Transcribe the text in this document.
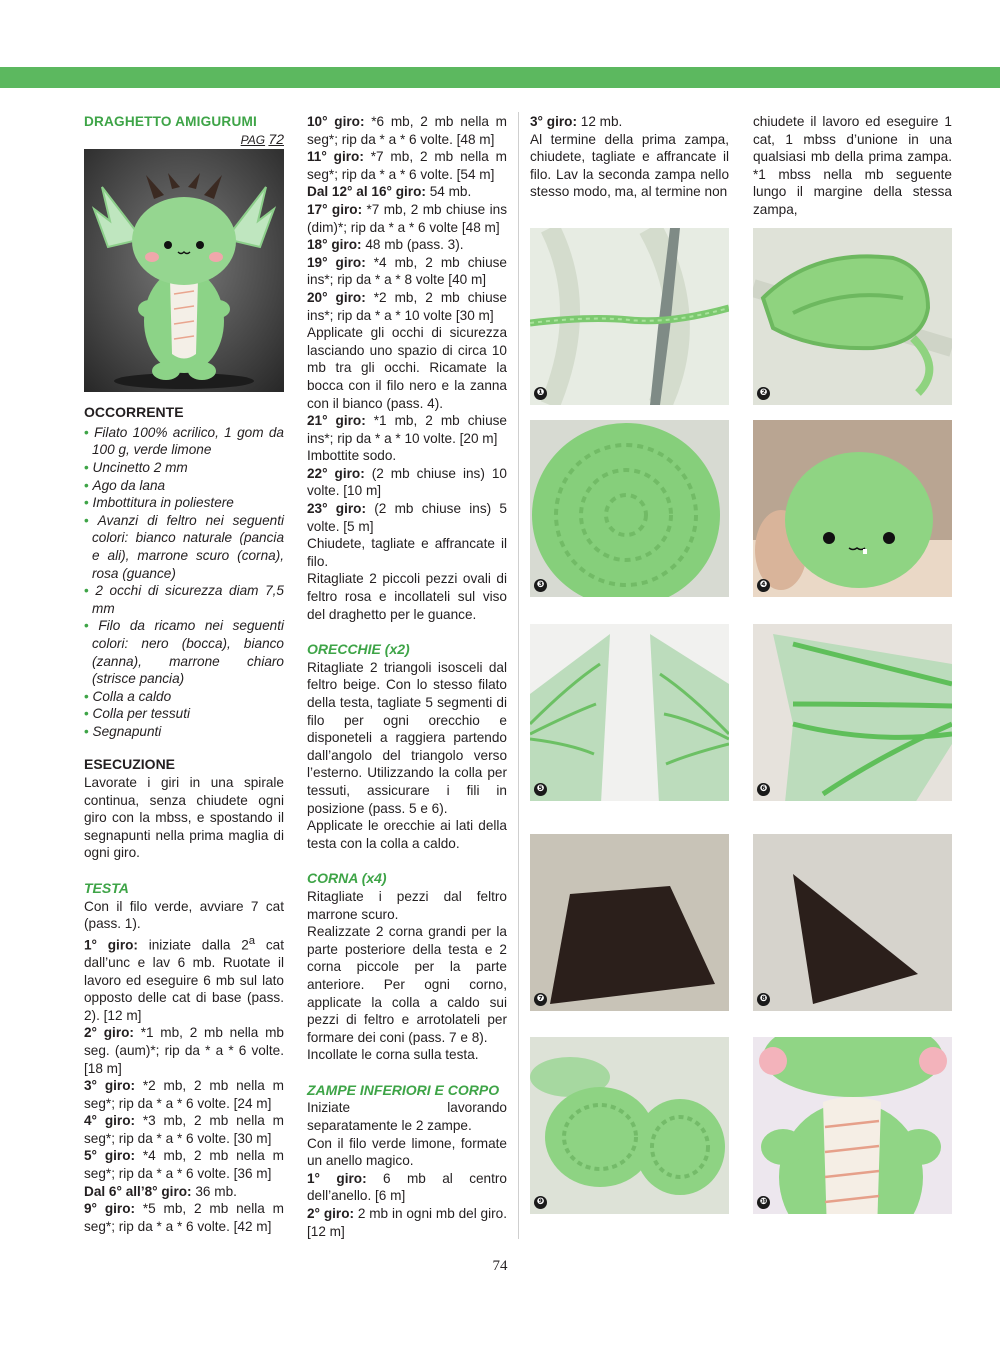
DRAGHETTO AMIGURUMI

PAG 72

OCCORRENTE
• Filato 100% acrilico, 1 gom da 100 g, verde limone
• Uncinetto 2 mm
• Ago da lana
• Imbottitura in poliestere
• Avanzi di feltro nei seguenti colori: bianco naturale (pancia e ali), marrone scuro (corna), rosa (guance)
• 2 occhi di sicurezza diam 7,5 mm
• Filo da ricamo nei seguenti colori: nero (bocca), bianco (zanna), marrone chiaro (strisce pancia)
• Colla a caldo
• Colla per tessuti
• Segnapunti
ESECUZIONE

Lavorate i giri in una spirale continua, senza chiudete ogni giro con la mbss, e spostando il segnapunti nella prima maglia di ogni giro.

TESTA

Con il filo verde, avviare 7 cat (pass. 1).

1° giro: iniziate dalla 2$^a$ cat dall’unc e lav 6 mb. Ruotate il lavoro ed eseguire 6 mb sul lato opposto delle cat di base (pass. 2). [12 m]

2° giro: *1 mb, 2 mb nella mb seg. (aum)*; rip da * a * 6 volte. [18 m]

3° giro: *2 mb, 2 mb nella m seg*; rip da * a * 6 volte. [24 m]

4° giro: *3 mb, 2 mb nella m seg*; rip da * a * 6 volte. [30 m]

5° giro: *4 mb, 2 mb nella m seg*; rip da * a * 6 volte. [36 m]

Dal 6° all’8° giro: 36 mb.

9° giro: *5 mb, 2 mb nella m seg*; rip da * a * 6 volte. [42 m]

10° giro: *6 mb, 2 mb nella m seg*; rip da * a * 6 volte. [48 m]

11° giro: *7 mb, 2 mb nella m seg*; rip da * a * 6 volte. [54 m]

Dal 12° al 16° giro: 54 mb.

17° giro: *7 mb, 2 mb chiuse ins (dim)*; rip da * a * 6 volte [48 m]

18° giro: 48 mb (pass. 3).

19° giro: *4 mb, 2 mb chiuse ins*; rip da * a * 8 volte [40 m]

20° giro: *2 mb, 2 mb chiuse ins*; rip da * a * 10 volte [30 m]

Applicate gli occhi di sicurezza lasciando uno spazio di circa 10 mb tra gli occhi. Ricamate la bocca con il filo nero e la zanna con il bianco (pass. 4).

21° giro: *1 mb, 2 mb chiuse ins*; rip da * a * 10 volte. [20 m]

Imbottite sodo.

22° giro: (2 mb chiuse ins) 10 volte. [10 m]

23° giro: (2 mb chiuse ins) 5 volte. [5 m]

Chiudete, tagliate e affrancate il filo.

Ritagliate 2 piccoli pezzi ovali di feltro rosa e incollateli sul viso del draghetto per le guance.

ORECCHIE (x2)

Ritagliate 2 triangoli isosceli dal feltro beige. Con lo stesso filato della testa, tagliate 5 segmenti di filo per ogni orecchio e disponeteli a raggiera partendo dall’angolo del triangolo verso l’esterno. Utilizzando la colla per tessuti, assicurare i fili in posizione (pass. 5 e 6).

Applicate le orecchie ai lati della testa con la colla a caldo.

CORNA (x4)

Ritagliate i pezzi dal feltro marrone scuro.

Realizzate 2 corna grandi per la parte posteriore della testa e 2 corna piccole per la parte anteriore. Per ogni corno, applicate la colla a caldo sui pezzi di feltro e arrotolateli per formare dei coni (pass. 7 e 8).

Incollate le corna sulla testa.

ZAMPE INFERIORI E CORPO

Iniziate lavorando separatamente le 2 zampe.

Con il filo verde limone, formate un anello magico.

1° giro: 6 mb al centro dell’anello. [6 m]

2° giro: 2 mb in ogni mb del giro. [12 m]

3° giro: 12 mb.

Al termine della prima zampa, chiudete, tagliate e affrancate il filo. Lav la seconda zampa nello stesso modo, ma, al termine non

chiudete il lavoro ed eseguire 1 cat, 1 mbss d’unione in una qualsiasi mb della prima zampa. *1 mbss nella mb seguente lungo il margine della stessa zampa,

❶	❷
❸	❹
❺	❻
❼	❽
❾	❿
74
